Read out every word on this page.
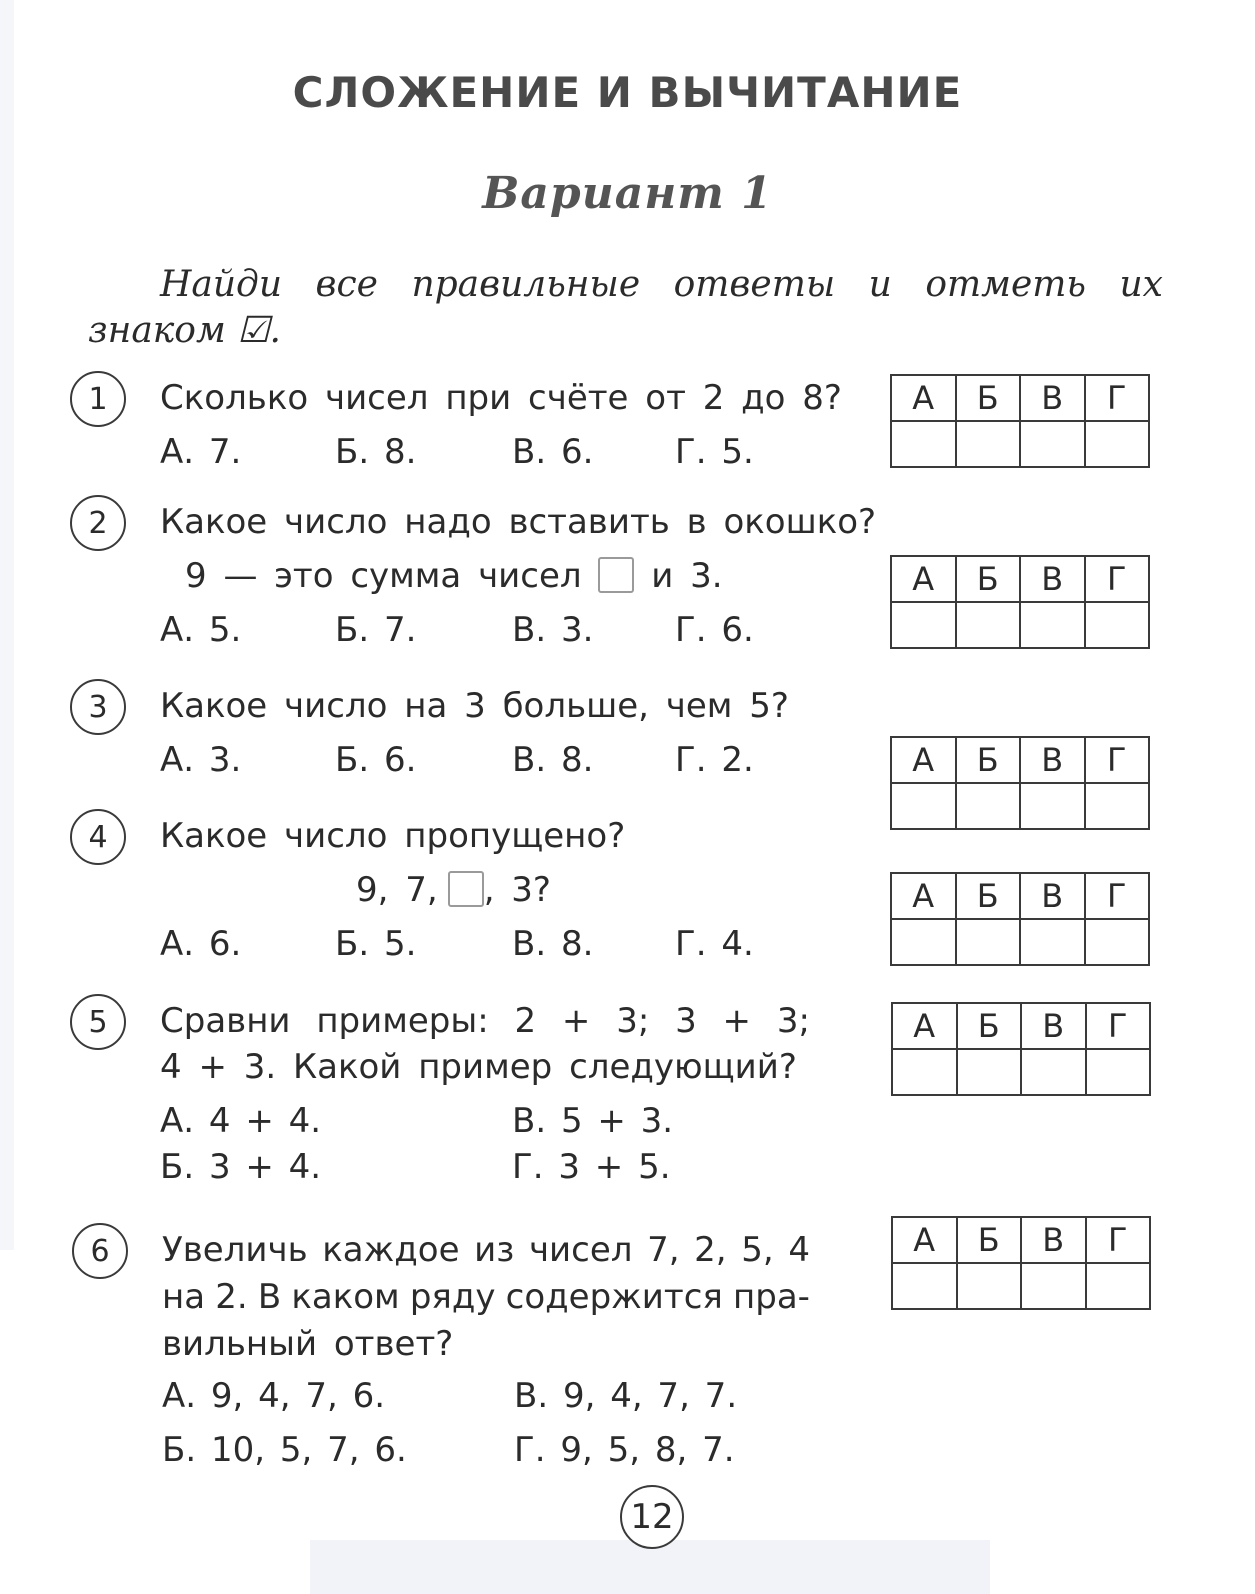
СЛОЖЕНИЕ И ВЫЧИТАНИЕ
Вариант 1
Найди все правильные ответы и отметь их
знаком ☑.
1	Сколько чисел при счёте от 2 до 8?
А. 7.	Б. 8.	В. 6. Г. 5.
А	Б	В	Г

2	Какое число надо вставить в окошко?
9 — это сумма чисел и 3.
А. 5.	Б. 7.	В. 3. Г. 6.
А	Б	В	Г

3	Какое число на 3 больше, чем 5?
А. 3.	Б. 6.	В. 8. Г. 2.	А	Б	В	Г

4	Какое число пропущено?
9, 7, , 3?
А. 6.	Б. 5.	В. 8. Г. 4.
А	Б	В	Г

5	Сравни примеры: 2 + 3; 3 + 3;
4 + 3. Какой пример следующий?
А. 4 + 4.	В. 5 + 3.
Б. 3 + 4.	Г. 3 + 5.
А	Б	В	Г

6	Увеличь каждое из чисел 7, 2, 5, 4
на 2. В каком ряду содержится пра-
вильный ответ?
А. 9, 4, 7, 6.	В. 9, 4, 7, 7.
Б. 10, 5, 7, 6.	Г. 9, 5, 8, 7.
А	Б	В	Г

12
